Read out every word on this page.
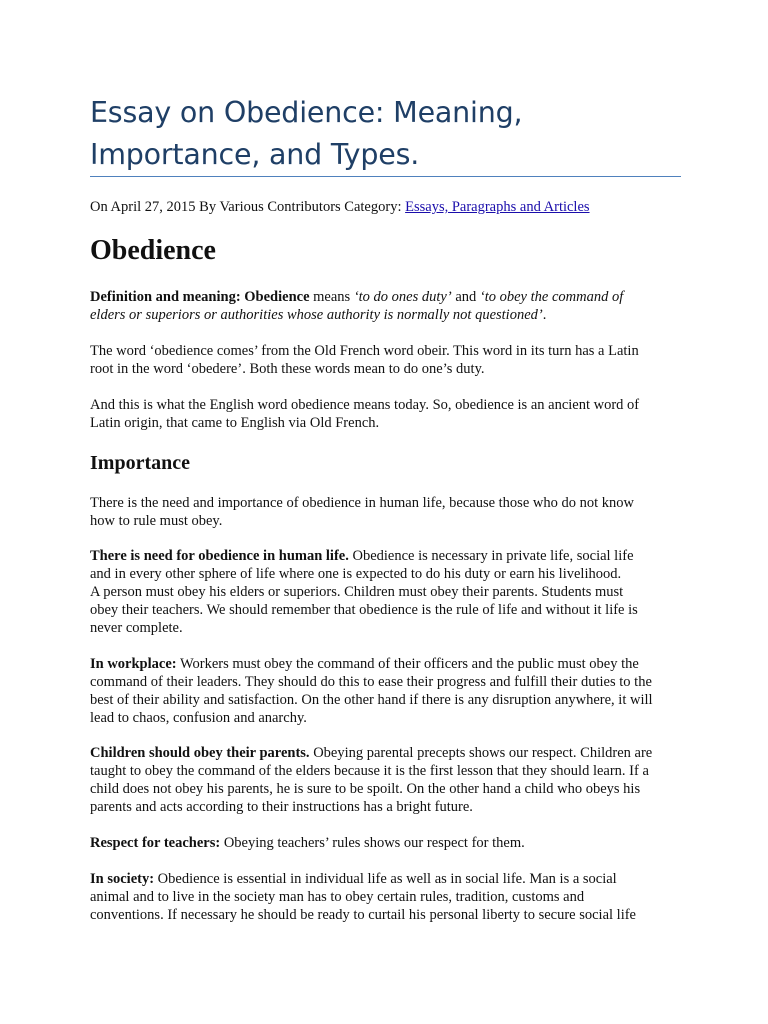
Essay on Obedience: Meaning,
Importance, and Types.
On April 27, 2015 By Various Contributors Category: Essays, Paragraphs and Articles
Obedience

Definition and meaning: Obedience means ‘to do ones duty’ and ‘to obey the command of
elders or superiors or authorities whose authority is normally not questioned’.

The word ‘obedience comes’ from the Old French word obeir. This word in its turn has a Latin
root in the word ‘obedere’. Both these words mean to do one’s duty.

And this is what the English word obedience means today. So, obedience is an ancient word of
Latin origin, that came to English via Old French.

Importance

There is the need and importance of obedience in human life, because those who do not know
how to rule must obey.

There is need for obedience in human life. Obedience is necessary in private life, social life
and in every other sphere of life where one is expected to do his duty or earn his livelihood.
A person must obey his elders or superiors. Children must obey their parents. Students must
obey their teachers. We should remember that obedience is the rule of life and without it life is
never complete.

In workplace: Workers must obey the command of their officers and the public must obey the
command of their leaders. They should do this to ease their progress and fulfill their duties to the
best of their ability and satisfaction. On the other hand if there is any disruption anywhere, it will
lead to chaos, confusion and anarchy.

Children should obey their parents. Obeying parental precepts shows our respect. Children are
taught to obey the command of the elders because it is the first lesson that they should learn. If a
child does not obey his parents, he is sure to be spoilt. On the other hand a child who obeys his
parents and acts according to their instructions has a bright future.

Respect for teachers: Obeying teachers’ rules shows our respect for them.

In society: Obedience is essential in individual life as well as in social life. Man is a social
animal and to live in the society man has to obey certain rules, tradition, customs and
conventions. If necessary he should be ready to curtail his personal liberty to secure social life
